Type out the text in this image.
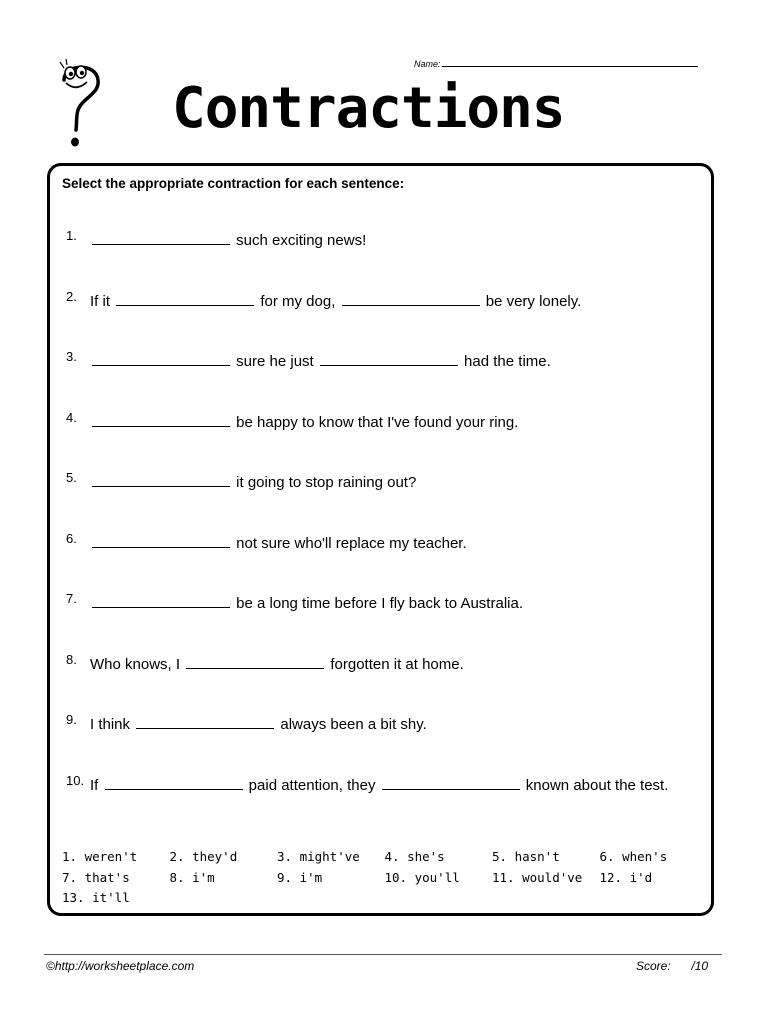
Name:
Contractions
Select the appropriate contraction for each sentence:
1.	such exciting news!
2. If it	for my dog,	be very lonely.
3.	sure he just	had the time.
4.	be happy to know that I've found your ring.
5.	it going to stop raining out?
6.	not sure who'll replace my teacher.
7.	be a long time before I fly back to Australia.
8. Who knows, I	forgotten it at home.
9. I think	always been a bit shy.
10. If	paid attention, they	known about the test.
1. weren't	2. they'd	3. might've 4. she's	5. hasn't	6. when's
7. that's	8. i'm	9. i'm	10. you'll	11. would've 12. i'd
13. it'll
©http://worksheetplace.com	Score: /10
